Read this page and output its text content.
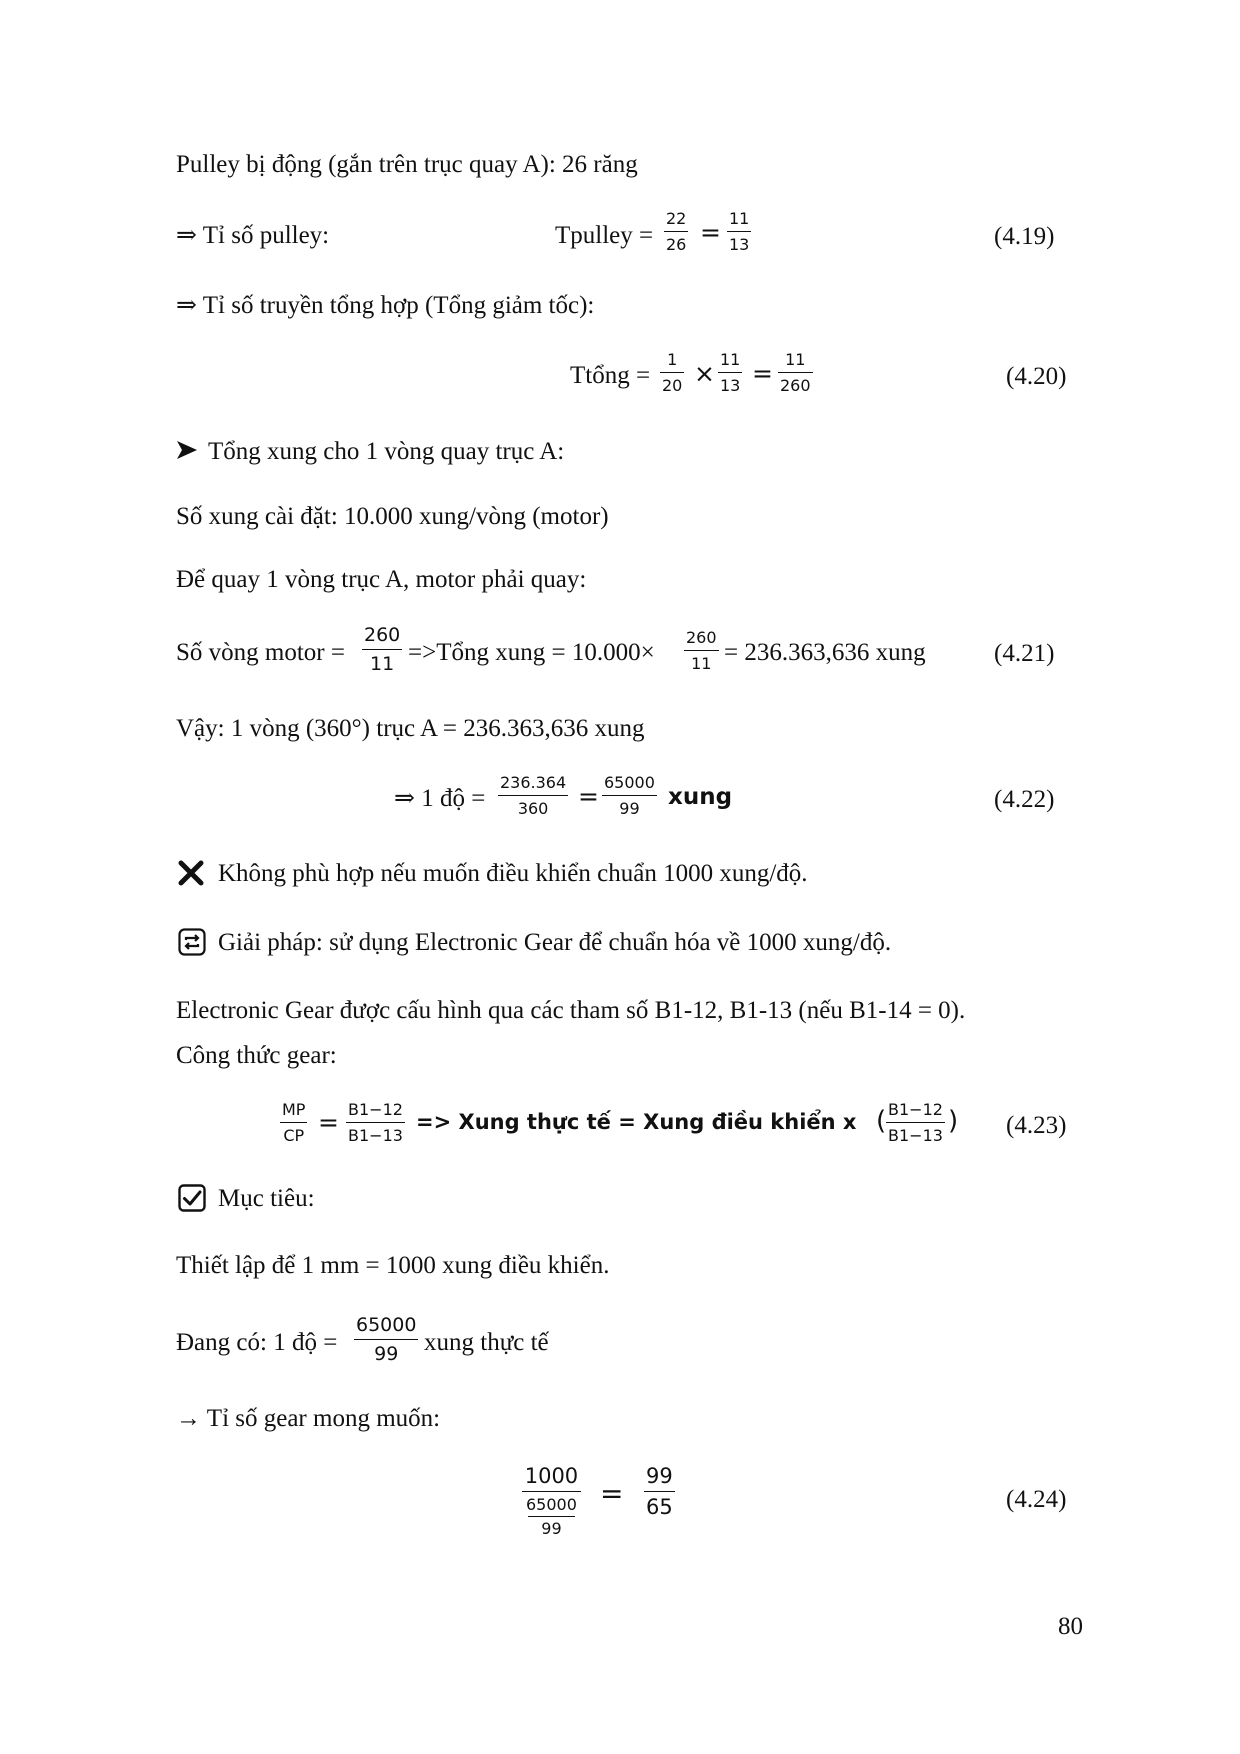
Pulley bị động (gắn trên trục quay A): 26 răng
⇒ Tỉ số pulley:	Tpulley =
22
26 = 11
13	(4.19)
⇒ Tỉ số truyền tổng hợp (Tổng giảm tốc):
Ttổng =
1
20 × 11
13 = 11
260	(4.20)
Tổng xung cho 1 vòng quay trục A:
Số xung cài đặt: 10.000 xung/vòng (motor)
Để quay 1 vòng trục A, motor phải quay:
Số vòng motor =
260
11 =>Tổng xung = 10.000×
260
11 = 236.363,636 xung	(4.21)
Vậy: 1 vòng (360°) trục A = 236.363,636 xung
⇒ 1 độ =
236.364
360	= 65000
99	xung	(4.22)
Không phù hợp nếu muốn điều khiển chuẩn 1000 xung/độ.
Giải pháp: sử dụng Electronic Gear để chuẩn hóa về 1000 xung/độ.
Electronic Gear được cấu hình qua các tham số B1-12, B1-13 (nếu B1-14 = 0).
Công thức gear:
MP
CP = B1−12
B1−13
=> Xung thực tế = Xung điều khiển x ( B1−12
B1−13 ) (4.23)
Mục tiêu:
Thiết lập để 1 mm = 1000 xung điều khiển.
Đang có: 1 độ =
65000
99	xung thực tế
→ Tỉ số gear mong muốn:
1000
65000
99
=
99
65	(4.24)
80
